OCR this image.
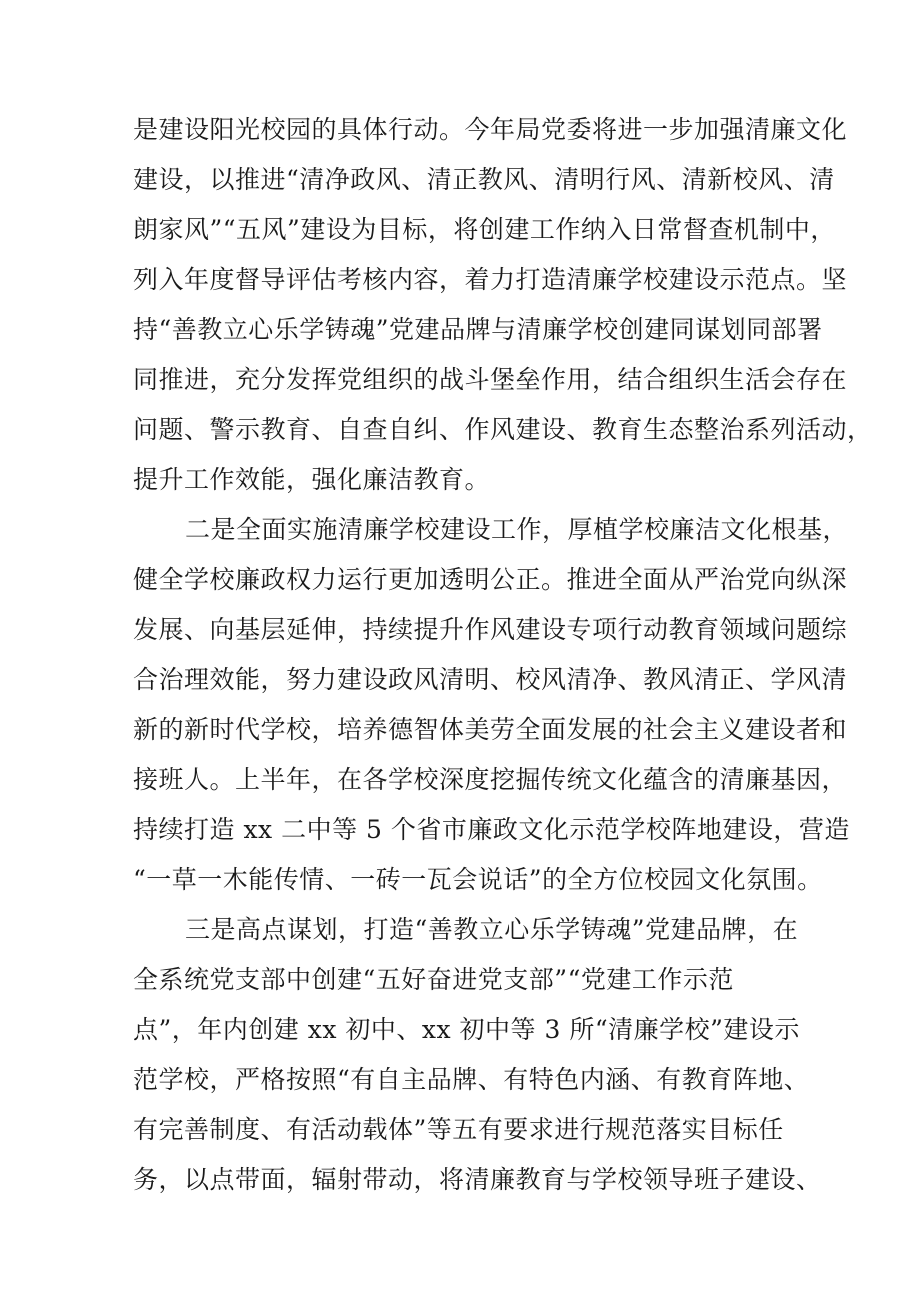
是建设阳光校园的具体行动。今年局党委将进一步加强清廉文化
建设，以推进“清净政风、清正教风、清明行风、清新校风、清
朗家风”“五风”建设为目标，将创建工作纳入日常督查机制中，
列入年度督导评估考核内容，着力打造清廉学校建设示范点。坚
持“善教立心乐学铸魂”党建品牌与清廉学校创建同谋划同部署
同推进，充分发挥党组织的战斗堡垒作用，结合组织生活会存在
问题、警示教育、自查自纠、作风建设、教育生态整治系列活动，
提升工作效能，强化廉洁教育。
二是全面实施清廉学校建设工作，厚植学校廉洁文化根基，
健全学校廉政权力运行更加透明公正。推进全面从严治党向纵深
发展、向基层延伸，持续提升作风建设专项行动教育领域问题综
合治理效能，努力建设政风清明、校风清净、教风清正、学风清
新的新时代学校，培养德智体美劳全面发展的社会主义建设者和
接班人。上半年，在各学校深度挖掘传统文化蕴含的清廉基因，
持续打造 xx 二中等 5 个省市廉政文化示范学校阵地建设，营造
“一草一木能传情、一砖一瓦会说话”的全方位校园文化氛围。
三是高点谋划，打造“善教立心乐学铸魂”党建品牌，在
全系统党支部中创建“五好奋进党支部”“党建工作示范
点”，年内创建 xx 初中、xx 初中等 3 所“清廉学校”建设示
范学校，严格按照“有自主品牌、有特色内涵、有教育阵地、
有完善制度、有活动载体”等五有要求进行规范落实目标任
务，以点带面，辐射带动，将清廉教育与学校领导班子建设、
